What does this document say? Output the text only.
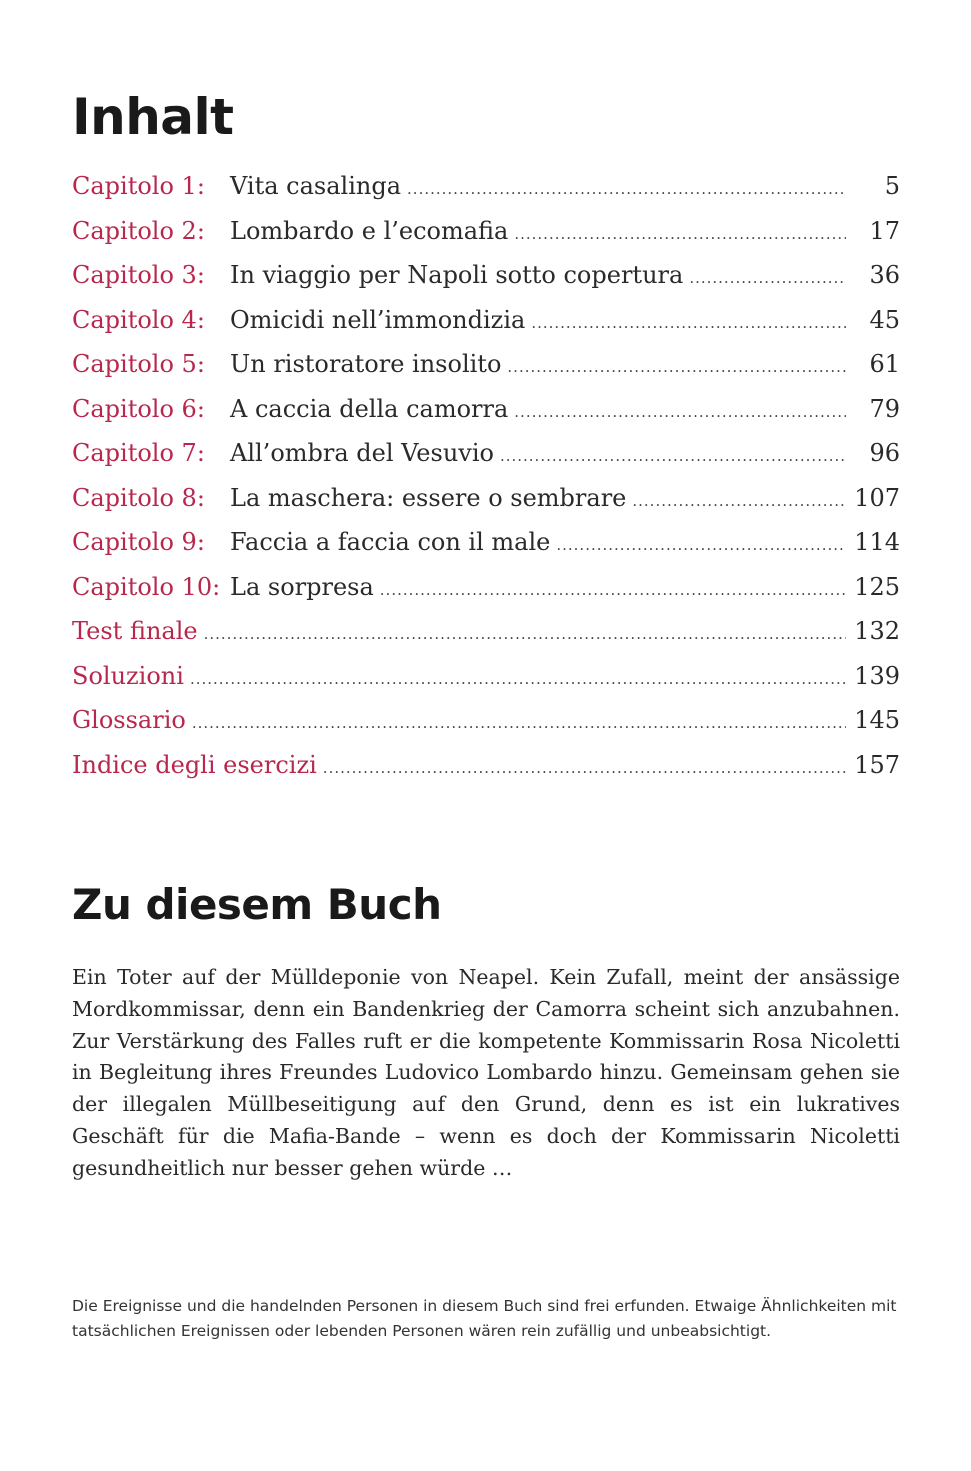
Inhalt
Capitolo 1:	Vita casalinga .....	5
Capitolo 2:	Lombardo e l’ecomafia .....	17
Capitolo 3:	In viaggio per Napoli sotto copertura .....	36
Capitolo 4:	Omicidi nell’immondizia .....	45
Capitolo 5:	Un ristoratore insolito .....	61
Capitolo 6:	A caccia della camorra .....	79
Capitolo 7:	All’ombra del Vesuvio .....	96
Capitolo 8:	La maschera: essere o sembrare .....	107
Capitolo 9:	Faccia a faccia con il male .....	114
Capitolo 10: La sorpresa .....	125
Test finale .....	132
Soluzioni .....	139
Glossario .....	145
Indice degli esercizi .....	157
Zu diesem Buch

Ein Toter auf der Mülldeponie von Neapel. Kein Zufall, meint der ansässige Mordkommissar, denn ein Bandenkrieg der Camorra scheint sich anzubahnen. Zur Verstärkung des Falles ruft er die kompetente Kommissarin Rosa Nicoletti in Begleitung ihres Freundes Ludovico Lombardo hinzu. Gemeinsam gehen sie der illegalen Müllbeseitigung auf den Grund, denn es ist ein lukratives Geschäft für die Mafia-Bande – wenn es doch der Kommissarin Nicoletti gesundheitlich nur besser gehen würde …

Die Ereignisse und die handelnden Personen in diesem Buch sind frei erfunden. Etwaige Ähnlichkeiten mit tatsächlichen Ereignissen oder lebenden Personen wären rein zufällig und unbeabsichtigt.
